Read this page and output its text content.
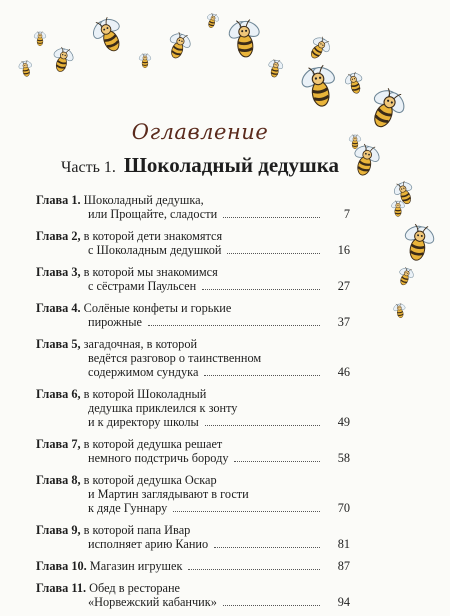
Оглавление
Часть 1. Шоколадный дедушка
Глава 1. Шоколадный дедушка,
или Прощайте, сладости	7
Глава 2, в которой дети знакомятся
с Шоколадным дедушкой	16
Глава 3, в которой мы знакомимся
с сёстрами Паульсен	27
Глава 4. Солёные конфеты и горькие
пирожные	37
Глава 5, загадочная, в которой
ведётся разговор о таинственном
содержимом сундука	46
Глава 6, в которой Шоколадный
дедушка приклеился к зонту
и к директору школы	49
Глава 7, в которой дедушка решает
немного подстричь бороду	58
Глава 8, в которой дедушка Оскар
и Мартин заглядывают в гости
к дяде Гуннару	70
Глава 9, в которой папа Ивар
исполняет арию Канио	81
Глава 10. Магазин игрушек	87
Глава 11. Обед в ресторане
«Норвежский кабанчик»	94
